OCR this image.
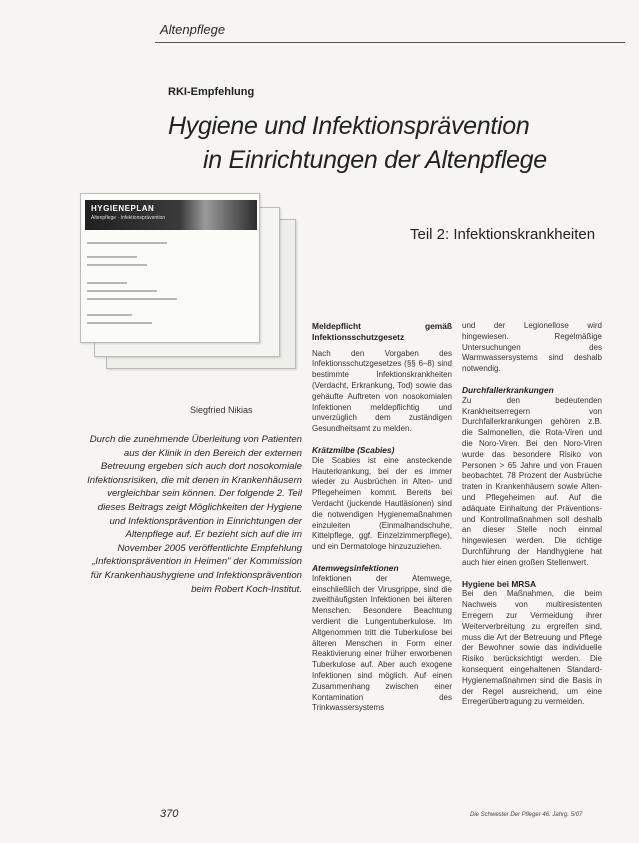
Altenpflege
RKI-Empfehlung
Hygiene und Infektionsprävention
in Einrichtungen der Altenpflege
Teil 2: Infektionskrankheiten
HYGIENEPLAN
Altenpflege · Infektionsprävention
Siegfried Nikias
Durch die zunehmende Überleitung von Patienten aus der Klinik in den Bereich der externen Betreuung ergeben sich auch dort nosokomiale Infektionsrisiken, die mit denen in Krankenhäusern vergleichbar sein können. Der folgende 2. Teil dieses Beitrags zeigt Möglichkeiten der Hygiene und Infektionsprävention in Einrichtungen der Altenpflege auf. Er bezieht sich auf die im November 2005 veröffentlichte Empfehlung „Infektionsprävention in Heimen" der Kommission für Krankenhaushygiene und Infektionsprävention beim Robert Koch-Institut.
Meldepflicht gemäß Infektionsschutzgesetz

Nach den Vorgaben des Infektionsschutzgesetzes (§§ 6–8) sind bestimmte Infektionskrankheiten (Verdacht, Erkrankung, Tod) sowie das gehäufte Auftreten von nosokomialen Infektionen meldepflichtig und unverzüglich dem zuständigen Gesundheitsamt zu melden.

Krätzmilbe (Scabies)

Die Scabies ist eine ansteckende Hauterkrankung, bei der es immer wieder zu Ausbrüchen in Alten- und Pflegeheimen kommt. Bereits bei Verdacht (juckende Hautläsionen) sind die notwendigen Hygienemaßnahmen einzuleiten (Einmalhandschuhe, Kittelpflege, ggf. Einzelzimmerpflege), und ein Dermatologe hinzuzuziehen.

Atemwegsinfektionen

Infektionen der Atemwege, einschließlich der Virusgrippe, sind die zweithäufigsten Infektionen bei älteren Menschen. Besondere Beachtung verdient die Lungentuberkulose. Im Altgenommen tritt die Tuberkulose bei älteren Menschen in Form einer Reaktivierung einer früher erworbenen Tuberkulose auf. Aber auch exogene Infektionen sind möglich. Auf einen Zusammenhang zwischen einer Kontamination des Trinkwassersystems

und der Legionellose wird hingewiesen. Regelmäßige Untersuchungen des Warmwassersystems sind deshalb notwendig.

Durchfallerkrankungen

Zu den bedeutenden Krankheitserregern von Durchfallerkrankungen gehören z.B. die Salmonellen, die Rota-Viren und die Noro-Viren. Bei den Noro-Viren wurde das besondere Risiko von Personen > 65 Jahre und von Frauen beobachtet. 78 Prozent der Ausbrüche traten in Krankenhäusern sowie Alten- und Pflegeheimen auf. Auf die adäquate Einhaltung der Präventions- und Kontrollmaßnahmen soll deshalb an dieser Stelle noch einmal hingewiesen werden. Die richtige Durchführung der Handhygiene hat auch hier einen großen Stellenwert.

Hygiene bei MRSA

Bei den Maßnahmen, die beim Nachweis von multiresistenten Erregern zur Vermeidung ihrer Weiterverbreitung zu ergreifen sind, muss die Art der Betreuung und Pflege der Bewohner sowie das individuelle Risiko berücksichtigt werden. Die konsequent eingehaltenen Standard-Hygienemaßnahmen sind die Basis in der Regel ausreichend, um eine Erregerübertragung zu vermeiden.

370	Die Schwester Der Pfleger 46. Jahrg. 5/07
